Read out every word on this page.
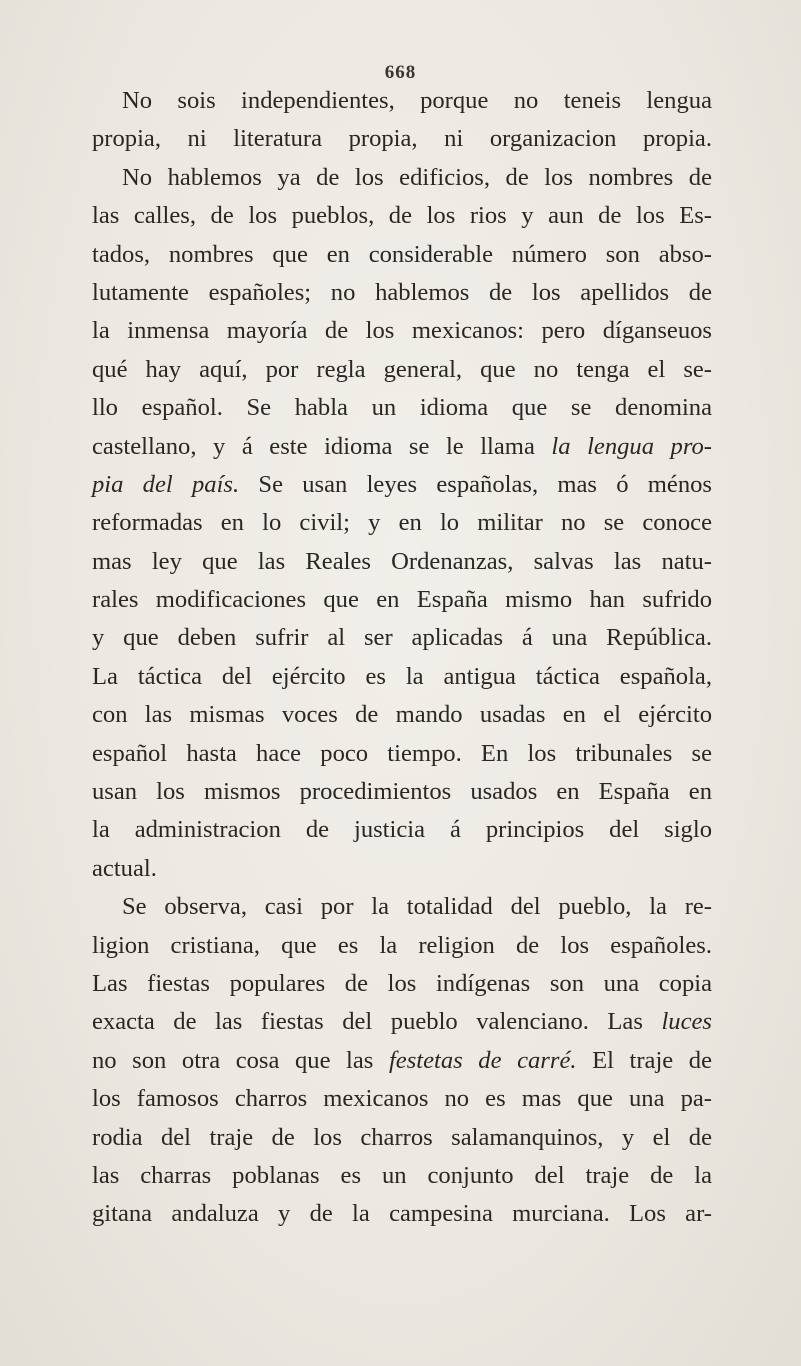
668
No sois independientes, porque no teneis lengua
propia, ni literatura propia, ni organizacion propia.
No hablemos ya de los edificios, de los nombres de
las calles, de los pueblos, de los rios y aun de los Es-
tados, nombres que en considerable número son abso-
lutamente españoles; no hablemos de los apellidos de
la inmensa mayoría de los mexicanos: pero díganseuos
qué hay aquí, por regla general, que no tenga el se-
llo español. Se habla un idioma que se denomina
castellano, y á este idioma se le llama la lengua pro-
pia del país. Se usan leyes españolas, mas ó ménos
reformadas en lo civil; y en lo militar no se conoce
mas ley que las Reales Ordenanzas, salvas las natu-
rales modificaciones que en España mismo han sufrido
y que deben sufrir al ser aplicadas á una República.
La táctica del ejército es la antigua táctica española,
con las mismas voces de mando usadas en el ejército
español hasta hace poco tiempo. En los tribunales se
usan los mismos procedimientos usados en España en
la administracion de justicia á principios del siglo
actual.
Se observa, casi por la totalidad del pueblo, la re-
ligion cristiana, que es la religion de los españoles.
Las fiestas populares de los indígenas son una copia
exacta de las fiestas del pueblo valenciano. Las luces
no son otra cosa que las festetas de carré. El traje de
los famosos charros mexicanos no es mas que una pa-
rodia del traje de los charros salamanquinos, y el de
las charras poblanas es un conjunto del traje de la
gitana andaluza y de la campesina murciana. Los ar-
